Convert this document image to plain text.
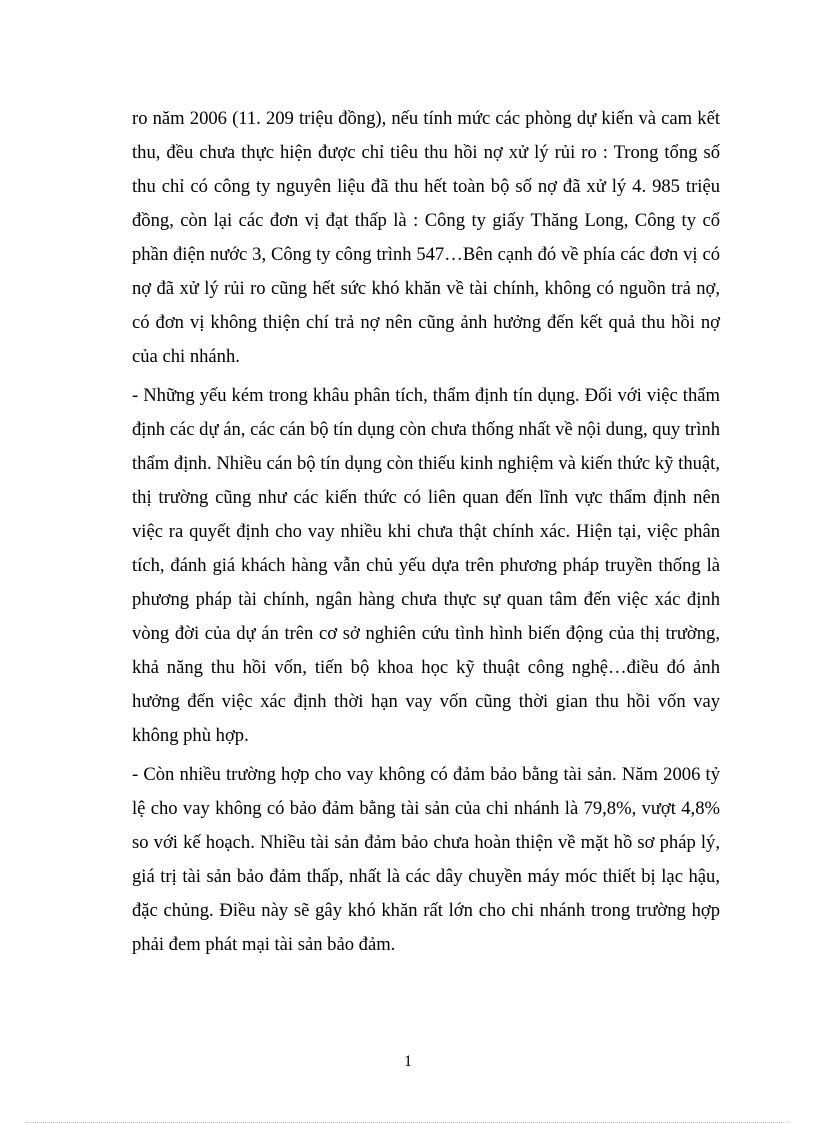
ro năm 2006 (11. 209 triệu đồng), nếu tính mức các phòng dự kiến và cam kết thu, đều chưa thực hiện được chỉ tiêu thu hồi nợ xử lý rủi ro : Trong tổng số thu chỉ có công ty nguyên liệu đã thu hết toàn bộ số nợ đã xử lý 4. 985 triệu đồng, còn lại các đơn vị đạt thấp là : Công ty giấy Thăng Long, Công ty cổ phần điện nước 3, Công ty công trình 547…Bên cạnh đó về phía các đơn vị có nợ đã xử lý rủi ro cũng hết sức khó khăn về tài chính, không có nguồn trả nợ, có đơn vị không thiện chí trả nợ nên cũng ảnh hưởng đến kết quả thu hồi nợ của chi nhánh.

- Những yếu kém trong khâu phân tích, thẩm định tín dụng. Đối với việc thẩm định các dự án, các cán bộ tín dụng còn chưa thống nhất về nội dung, quy trình thẩm định. Nhiều cán bộ tín dụng còn thiếu kinh nghiệm và kiến thức kỹ thuật, thị trường cũng như các kiến thức có liên quan đến lĩnh vực thẩm định nên việc ra quyết định cho vay nhiều khi chưa thật chính xác. Hiện tại, việc phân tích, đánh giá khách hàng vẫn chủ yếu dựa trên phương pháp truyền thống là phương pháp tài chính, ngân hàng chưa thực sự quan tâm đến việc xác định vòng đời của dự án trên cơ sở nghiên cứu tình hình biến động của thị trường, khả năng thu hồi vốn, tiến bộ khoa học kỹ thuật công nghệ…điều đó ảnh hưởng đến việc xác định thời hạn vay vốn cũng thời gian thu hồi vốn vay không phù hợp.

- Còn nhiều trường hợp cho vay không có đảm bảo bằng tài sản. Năm 2006 tỷ lệ cho vay không có bảo đảm bằng tài sản của chi nhánh là 79,8%, vượt 4,8% so với kế hoạch. Nhiều tài sản đảm bảo chưa hoàn thiện về mặt hồ sơ pháp lý, giá trị tài sản bảo đảm thấp, nhất là các dây chuyền máy móc thiết bị lạc hậu, đặc chủng. Điều này sẽ gây khó khăn rất lớn cho chi nhánh trong trường hợp phải đem phát mại tài sản bảo đảm.

1
